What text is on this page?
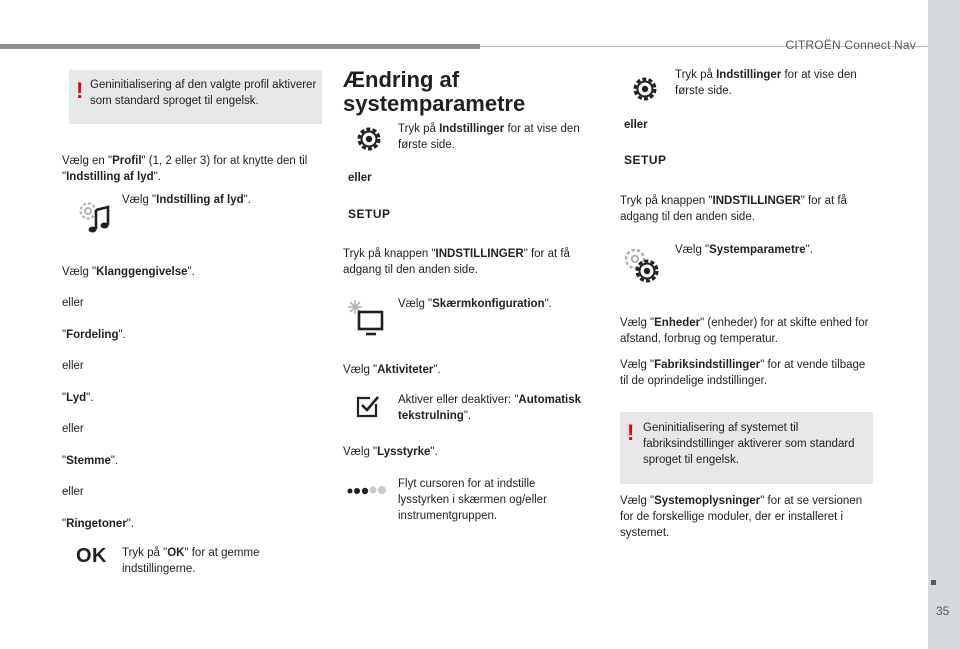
CITROËN Connect Nav
35
! Geninitialisering af den valgte profil aktiverer som standard sproget til engelsk.
Vælg en "Profil" (1, 2 eller 3) for at knytte den til "Indstilling af lyd".
Vælg "Indstilling af lyd".
Vælg "Klanggengivelse".
eller
"Fordeling".
eller
"Lyd".
eller
"Stemme".
eller
"Ringetoner".
OK Tryk på "OK" for at gemme indstillingerne.
Ændring af systemparametre
Tryk på Indstillinger for at vise den første side.
eller
SETUP
Tryk på knappen "INDSTILLINGER" for at få adgang til den anden side.
Vælg "Skærmkonfiguration".
Vælg "Aktiviteter".
Aktiver eller deaktiver: "Automatisk tekstrulning".
Vælg "Lysstyrke".
Flyt cursoren for at indstille lysstyrken i skærmen og/eller instrumentgruppen.
Tryk på Indstillinger for at vise den første side.
eller
SETUP
Tryk på knappen "INDSTILLINGER" for at få adgang til den anden side.
Vælg "Systemparametre".
Vælg "Enheder" (enheder) for at skifte enhed for afstand, forbrug og temperatur.
Vælg "Fabriksindstillinger" for at vende tilbage til de oprindelige indstillinger.
! Geninitialisering af systemet til fabriksindstillinger aktiverer som standard sproget til engelsk.
Vælg "Systemoplysninger" for at se versionen for de forskellige moduler, der er installeret i systemet.
